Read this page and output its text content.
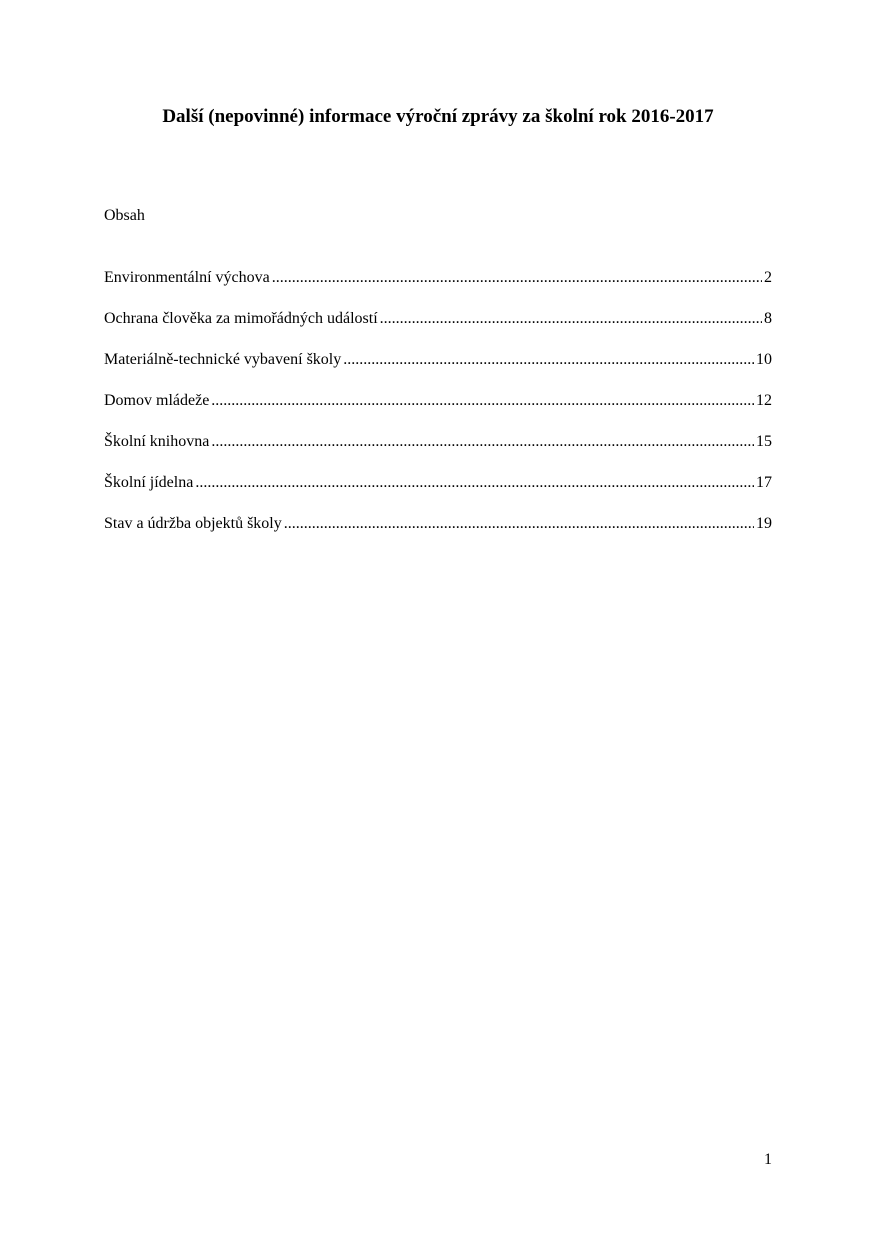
Další (nepovinné) informace výroční zprávy za školní rok 2016-2017

Obsah

Environmentální výchova .....	2
Ochrana člověka za mimořádných událostí .....	8
Materiálně-technické vybavení školy .....	10
Domov mládeže .....	12
Školní knihovna .....	15
Školní jídelna .....	17
Stav a údržba objektů školy .....	19

1
